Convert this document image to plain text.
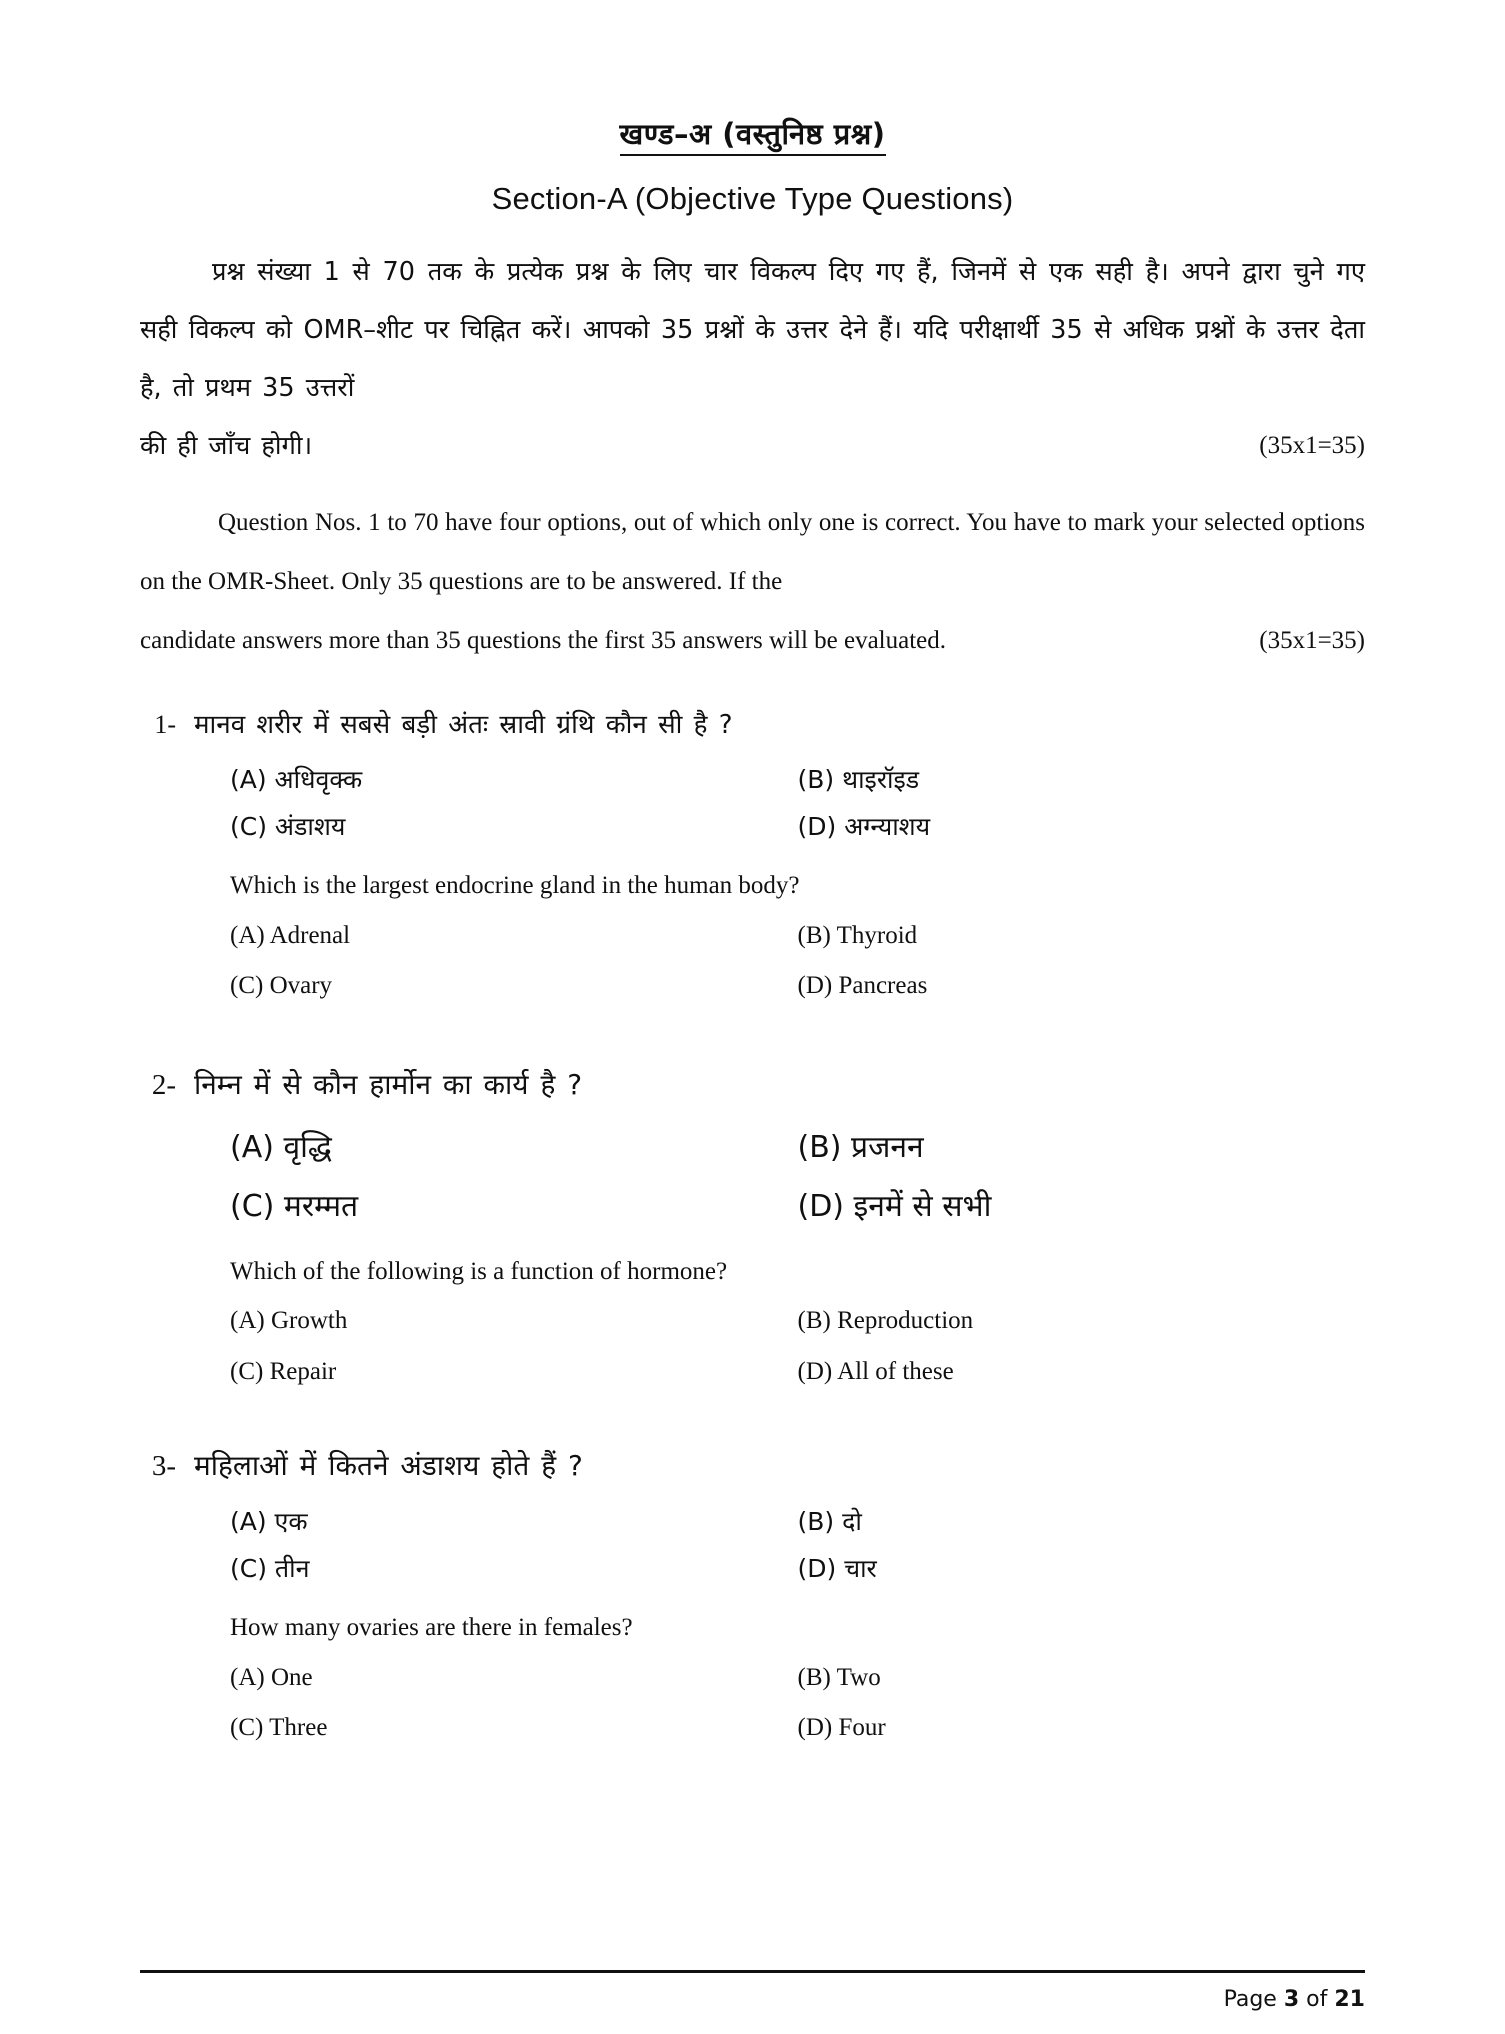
खण्ड–अ (वस्तुनिष्ठ प्रश्न)
Section-A (Objective Type Questions)

प्रश्न संख्या 1 से 70 तक के प्रत्येक प्रश्न के लिए चार विकल्प दिए गए हैं, जिनमें से एक सही है। अपने द्वारा चुने गए सही विकल्प को OMR–शीट पर चिह्नित करें। आपको 35 प्रश्नों के उत्तर देने हैं। यदि परीक्षार्थी 35 से अधिक प्रश्नों के उत्तर देता है, तो प्रथम 35 उत्तरों
(35x1=35)
की ही जाँच होगी।

Question Nos. 1 to 70 have four options, out of which only one is correct. You have to mark your selected options on the OMR-Sheet. Only 35 questions are to be answered. If the
(35x1=35)
candidate answers more than 35 questions the first 35 answers will be evaluated.

1- मानव शरीर में सबसे बड़ी अंतः स्रावी ग्रंथि कौन सी है ?
(A) अधिवृक्क	(B) थाइरॉइड
(C) अंडाशय	(D) अग्न्याशय
Which is the largest endocrine gland in the human body?
(A) Adrenal	(B) Thyroid
(C) Ovary	(D) Pancreas
2- निम्न में से कौन हार्मोन का कार्य है ?
(A) वृद्धि	(B) प्रजनन
(C) मरम्मत	(D) इनमें से सभी
Which of the following is a function of hormone?
(A) Growth	(B) Reproduction
(C) Repair	(D) All of these
3- महिलाओं में कितने अंडाशय होते हैं ?
(A) एक	(B) दो
(C) तीन	(D) चार
How many ovaries are there in females?
(A) One	(B) Two
(C) Three	(D) Four
Page 3 of 21
